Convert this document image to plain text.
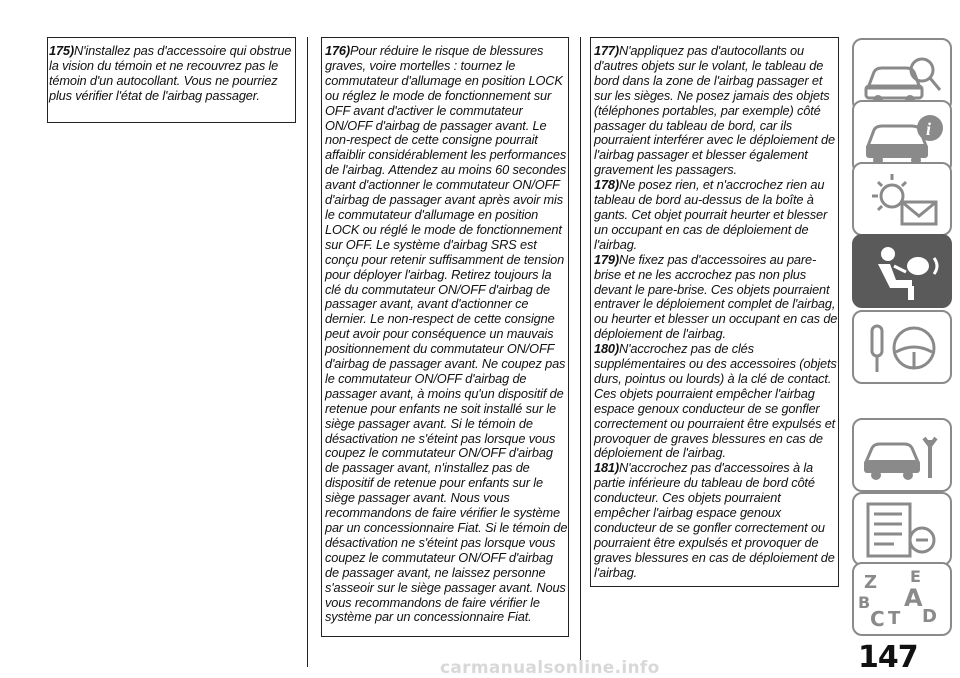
175)N'installez pas d'accessoire qui obstrue la vision du témoin et ne recouvrez pas le témoin d'un autocollant. Vous ne pourriez plus vérifier l'état de l'airbag passager.
176)Pour réduire le risque de blessures graves, voire mortelles : tournez le commutateur d'allumage en position LOCK ou réglez le mode de fonctionnement sur OFF avant d'activer le commutateur ON/OFF d'airbag de passager avant. Le non-respect de cette consigne pourrait affaiblir considérablement les performances de l'airbag. Attendez au moins 60 secondes avant d'actionner le commutateur ON/OFF d'airbag de passager avant après avoir mis le commutateur d'allumage en position LOCK ou réglé le mode de fonctionnement sur OFF. Le système d'airbag SRS est conçu pour retenir suffisamment de tension pour déployer l'airbag. Retirez toujours la clé du commutateur ON/OFF d'airbag de passager avant, avant d'actionner ce dernier. Le non-respect de cette consigne peut avoir pour conséquence un mauvais positionnement du commutateur ON/OFF d'airbag de passager avant. Ne coupez pas le commutateur ON/OFF d'airbag de passager avant, à moins qu'un dispositif de retenue pour enfants ne soit installé sur le siège passager avant. Si le témoin de désactivation ne s'éteint pas lorsque vous coupez le commutateur ON/OFF d'airbag de passager avant, n'installez pas de dispositif de retenue pour enfants sur le siège passager avant. Nous vous recommandons de faire vérifier le système par un concessionnaire Fiat. Si le témoin de désactivation ne s'éteint pas lorsque vous coupez le commutateur ON/OFF d'airbag de passager avant, ne laissez personne s'asseoir sur le siège passager avant. Nous vous recommandons de faire vérifier le système par un concessionnaire Fiat.
177)N'appliquez pas d'autocollants ou d'autres objets sur le volant, le tableau de bord dans la zone de l'airbag passager et sur les sièges. Ne posez jamais des objets (téléphones portables, par exemple) côté passager du tableau de bord, car ils pourraient interférer avec le déploiement de l'airbag passager et blesser également gravement les passagers.
178)Ne posez rien, et n'accrochez rien au tableau de bord au-dessus de la boîte à gants. Cet objet pourrait heurter et blesser un occupant en cas de déploiement de l'airbag.
179)Ne fixez pas d'accessoires au pare-brise et ne les accrochez pas non plus devant le pare-brise. Ces objets pourraient entraver le déploiement complet de l'airbag, ou heurter et blesser un occupant en cas de déploiement de l'airbag.
180)N'accrochez pas de clés supplémentaires ou des accessoires (objets durs, pointus ou lourds) à la clé de contact. Ces objets pourraient empêcher l'airbag espace genoux conducteur de se gonfler correctement ou pourraient être expulsés et provoquer de graves blessures en cas de déploiement de l'airbag.
181)N'accrochez pas d'accessoires à la partie inférieure du tableau de bord côté conducteur. Ces objets pourraient empêcher l'airbag espace genoux conducteur de se gonfler correctement ou pourraient être expulsés et provoquer de graves blessures en cas de déploiement de l'airbag.
i
Z E
B A
C T D
147
carmanualsonline.info
